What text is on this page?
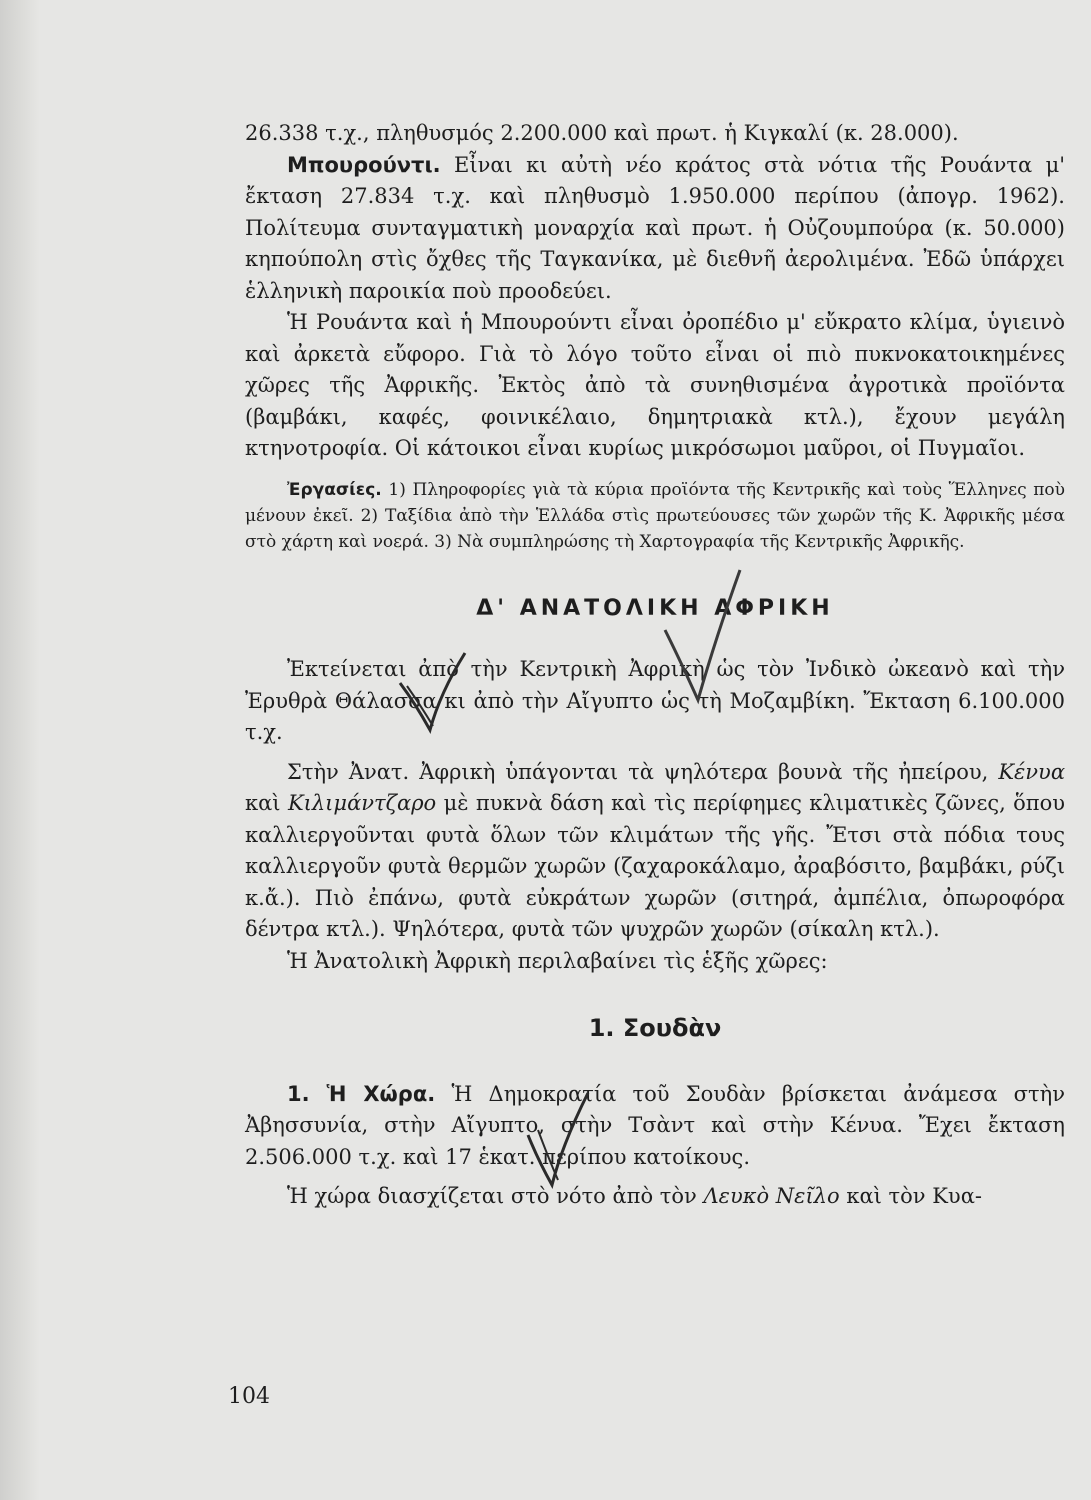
26.338 τ.χ., πληθυσμός 2.200.000 καὶ πρωτ. ἡ Κιγκαλί (κ. 28.000).

Μπουρούντι. Εἶναι κι αὐτὴ νέο κράτος στὰ νότια τῆς Ρουάντα μ' ἔκταση 27.834 τ.χ. καὶ πληθυσμὸ 1.950.000 περίπου (ἀπογρ. 1962). Πολίτευμα συνταγματικὴ μοναρχία καὶ πρωτ. ἡ Οὐζουμπούρα (κ. 50.000) κηπούπολη στὶς ὄχθες τῆς Ταγκανίκα, μὲ διεθνῆ ἀερολιμένα. Ἐδῶ ὑπάρχει ἑλληνικὴ παροικία ποὺ προοδεύει.

Ἡ Ρουάντα καὶ ἡ Μπουρούντι εἶναι ὀροπέδιο μ' εὔκρατο κλίμα, ὑγιεινὸ καὶ ἀρκετὰ εὔφορο. Γιὰ τὸ λόγο τοῦτο εἶναι οἱ πιὸ πυκνοκατοικημένες χῶρες τῆς Ἀφρικῆς. Ἐκτὸς ἀπὸ τὰ συνηθισμένα ἀγροτικὰ προϊόντα (βαμβάκι, καφές, φοινικέλαιο, δημητριακὰ κτλ.), ἔχουν μεγάλη κτηνοτροφία. Οἱ κάτοικοι εἶναι κυρίως μικρόσωμοι μαῦροι, οἱ Πυγμαῖοι.

Ἐργασίες. 1) Πληροφορίες γιὰ τὰ κύρια προϊόντα τῆς Κεντρικῆς καὶ τοὺς Ἕλληνες ποὺ μένουν ἐκεῖ. 2) Ταξίδια ἀπὸ τὴν Ἑλλάδα στὶς πρωτεύουσες τῶν χωρῶν τῆς Κ. Ἀφρικῆς μέσα στὸ χάρτη καὶ νοερά. 3) Νὰ συμπληρώσης τὴ Χαρτογραφία τῆς Κεντρικῆς Ἀφρικῆς.

Δ' ΑΝΑΤΟΛΙΚΗ ΑΦΡΙΚΗ

Ἐκτείνεται ἀπὸ τὴν Κεντρικὴ Ἀφρικὴ ὡς τὸν Ἰνδικὸ ὠκεανὸ καὶ τὴν Ἐρυθρὰ Θάλασσα κι ἀπὸ τὴν Αἴγυπτο ὡς τὴ Μοζαμβίκη. Ἔκταση 6.100.000 τ.χ.

Στὴν Ἀνατ. Ἀφρικὴ ὑπάγονται τὰ ψηλότερα βουνὰ τῆς ἠπείρου, Κένυα καὶ Κιλιμάντζαρο μὲ πυκνὰ δάση καὶ τὶς περίφημες κλιματικὲς ζῶνες, ὅπου καλλιεργοῦνται φυτὰ ὅλων τῶν κλιμάτων τῆς γῆς. Ἔτσι στὰ πόδια τους καλλιεργοῦν φυτὰ θερμῶν χωρῶν (ζαχαροκάλαμο, ἀραβόσιτο, βαμβάκι, ρύζι κ.ἄ.). Πιὸ ἐπάνω, φυτὰ εὐκράτων χωρῶν (σιτηρά, ἀμπέλια, ὀπωροφόρα δέντρα κτλ.). Ψηλότερα, φυτὰ τῶν ψυχρῶν χωρῶν (σίκαλη κτλ.).

Ἡ Ἀνατολικὴ Ἀφρικὴ περιλαβαίνει τὶς ἑξῆς χῶρες:

1. Σουδὰν

1. Ἡ Χώρα. Ἡ Δημοκρατία τοῦ Σουδὰν βρίσκεται ἀνάμεσα στὴν Ἀβησσυνία, στὴν Αἴγυπτο, στὴν Τσὰντ καὶ στὴν Κένυα. Ἔχει ἔκταση 2.506.000 τ.χ. καὶ 17 ἑκατ. περίπου κατοίκους.

Ἡ χώρα διασχίζεται στὸ νότο ἀπὸ τὸν Λευκὸ Νεῖλο καὶ τὸν Κυα-

104
